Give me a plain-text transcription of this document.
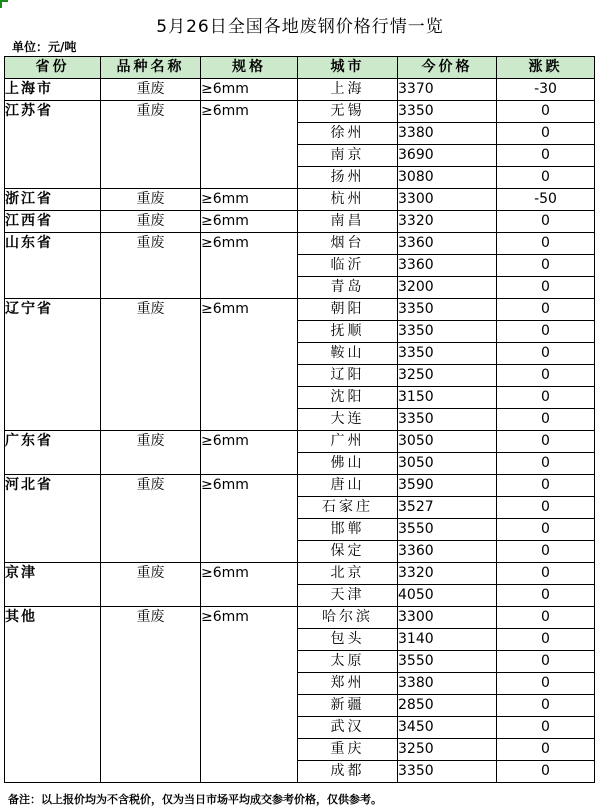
5月26日全国各地废钢价格行情一览
单位：元/吨
省份	品种名称	规格	城市	今价格	涨跌
上海市	重废	≥6mm	上海	3370	-30
江苏省	重废	≥6mm	无锡	3350	0
			徐州	3380	0
			南京	3690	0
			扬州	3080	0
浙江省	重废	≥6mm	杭州	3300	-50
江西省	重废	≥6mm	南昌	3320	0
山东省	重废	≥6mm	烟台	3360	0
			临沂	3360	0
			青岛	3200	0
辽宁省	重废	≥6mm	朝阳	3350	0
			抚顺	3350	0
			鞍山	3350	0
			辽阳	3250	0
			沈阳	3150	0
			大连	3350	0
广东省	重废	≥6mm	广州	3050	0
			佛山	3050	0
河北省	重废	≥6mm	唐山	3590	0
			石家庄	3527	0
			邯郸	3550	0
			保定	3360	0
京津	重废	≥6mm	北京	3320	0
			天津	4050	0
其他	重废	≥6mm	哈尔滨	3300	0
			包头	3140	0
			太原	3550	0
			郑州	3380	0
			新疆	2850	0
			武汉	3450	0
			重庆	3250	0
			成都	3350	0
备注：以上报价均为不含税价，仅为当日市场平均成交参考价格，仅供参考。
